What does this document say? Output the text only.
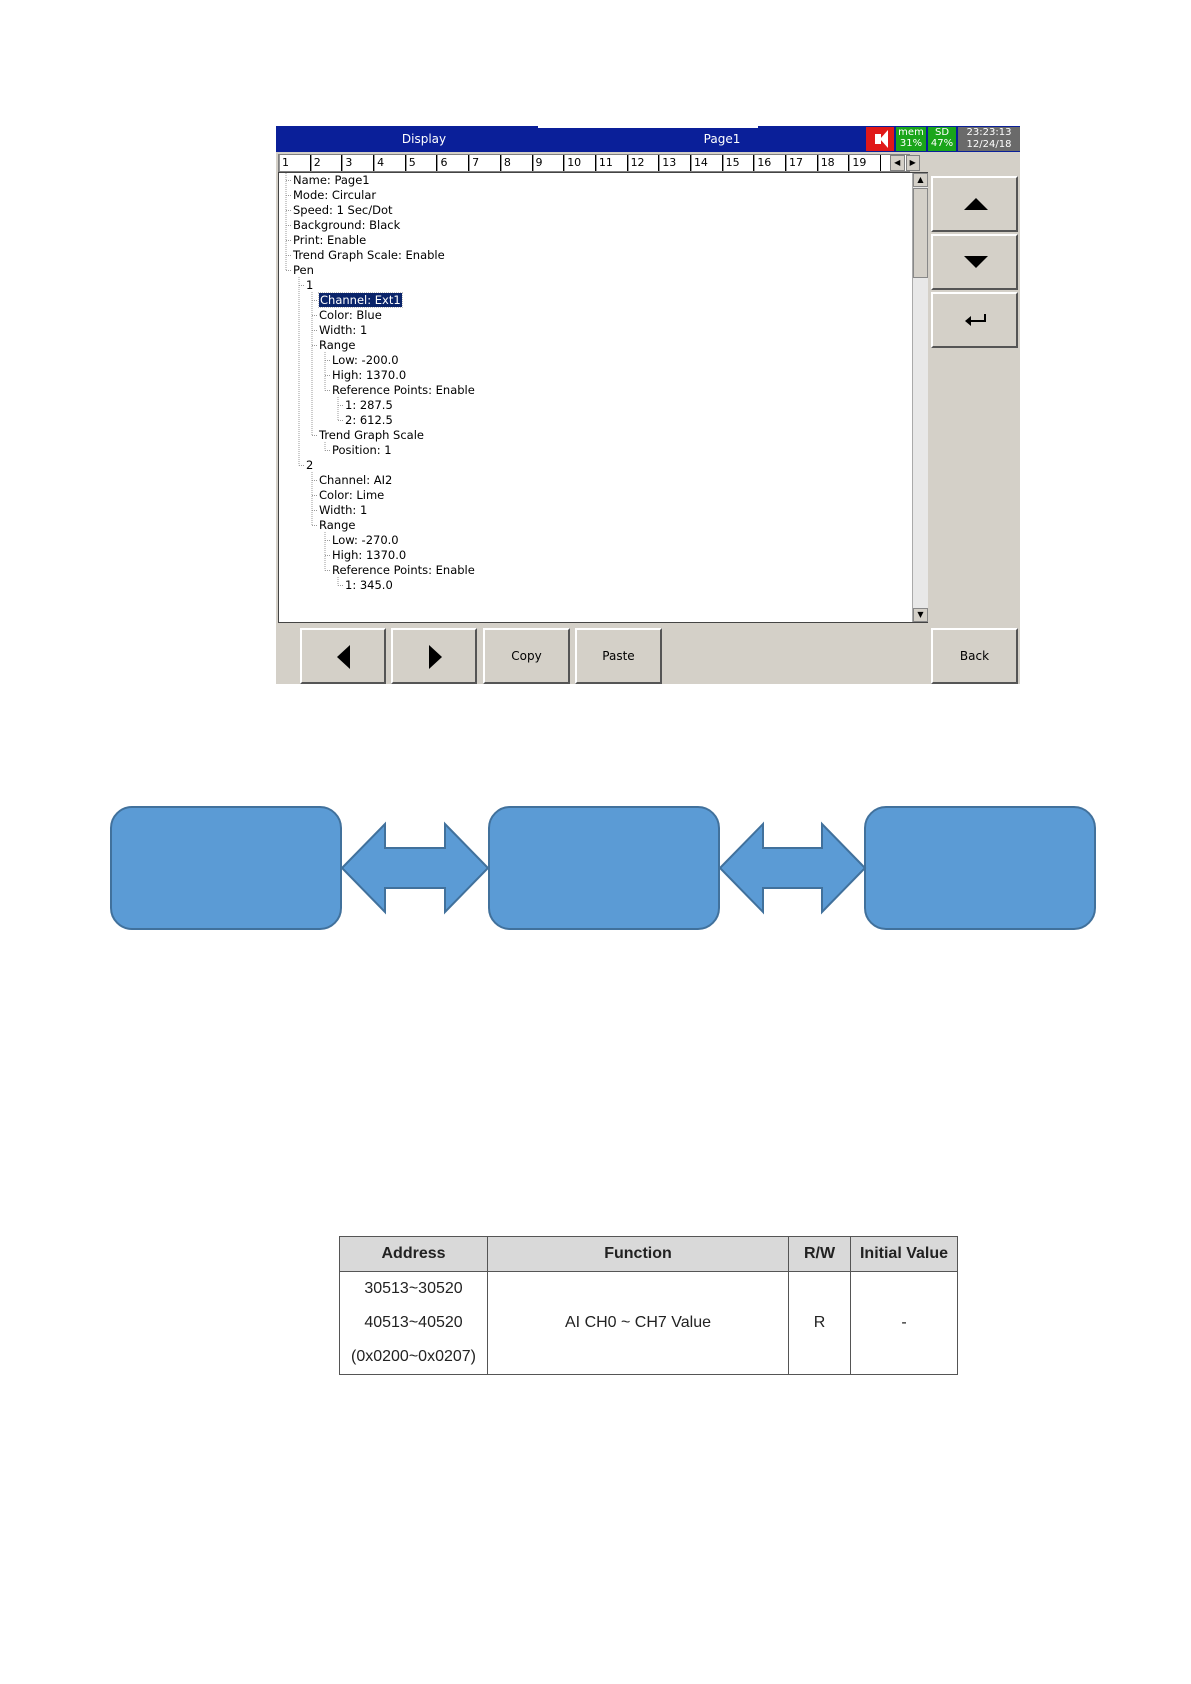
Display	Page1	mem
31%
SD
47%
23:23:13
12/24/18
1	2	3	4	5	6	7	8	9	10	11	12	13	14	15	16	17	18	19	◀	▶
Name: Page1
Mode: Circular
Speed: 1 Sec/Dot
Background: Black
Print: Enable
Trend Graph Scale: Enable
Pen
1
Channel: Ext1
Color: Blue
Width: 1
Range
Low: -200.0
High: 1370.0
Reference Points: Enable
1: 287.5
2: 612.5
Trend Graph Scale
Position: 1
2
Channel: AI2
Color: Lime
Width: 1
Range
Low: -270.0
High: 1370.0
Reference Points: Enable
1: 345.0
▲
▼
Copy	Paste	Back
Address	Function	R/W	Initial Value

30513~30520
40513~40520
(0x0200~0x0207)	AI CH0 ~ CH7 Value	R	-
